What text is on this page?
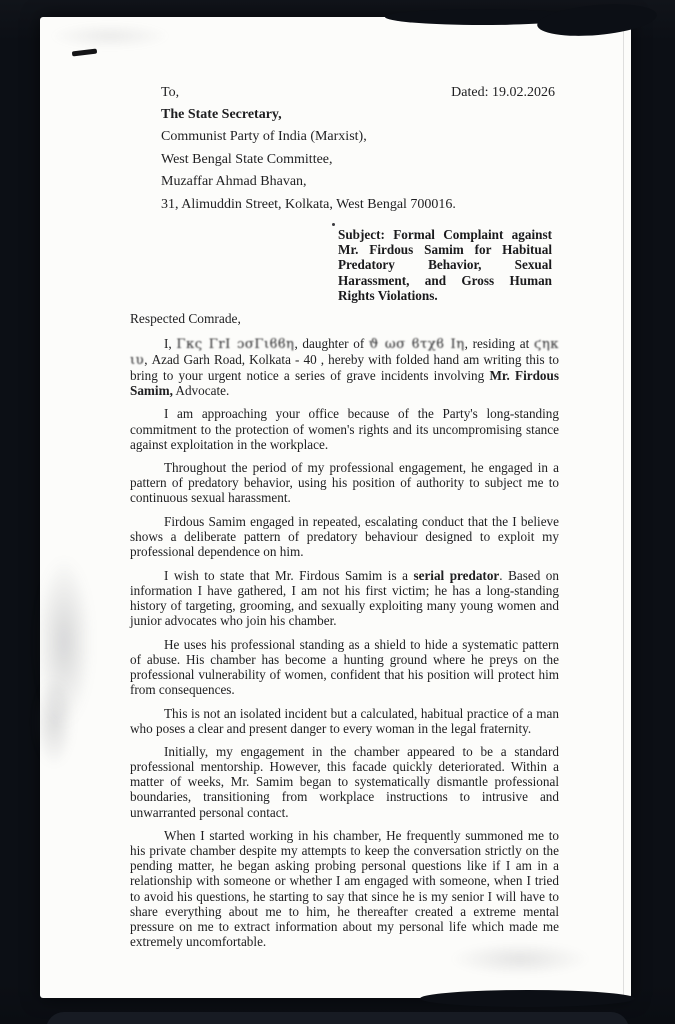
To,	Dated: 19.02.2026
The State Secretary,
Communist Party of India (Marxist),
West Bengal State Committee,
Muzaffar Ahmad Bhavan,
31, Alimuddin Street, Kolkata, West Bengal 700016.
Subject: Formal Complaint against Mr. Firdous Samim for Habitual Predatory Behavior, Sexual Harassment, and Gross Human Rights Violations.
Respected Comrade,

I, Γκς ΓrΙ ɔσΓιϐϐη, daughter of ϑ ωσ ϐτχϐ Ιη, residing at ϛηκ ιυ, Azad Garh Road, Kolkata - 40 , hereby with folded hand am writing this to bring to your urgent notice a series of grave incidents involving Mr. Firdous Samim, Advocate.

I am approaching your office because of the Party's long-standing commitment to the protection of women's rights and its uncompromising stance against exploitation in the workplace.

Throughout the period of my professional engagement, he engaged in a pattern of predatory behavior, using his position of authority to subject me to continuous sexual harassment.

Firdous Samim engaged in repeated, escalating conduct that the I believe shows a deliberate pattern of predatory behaviour designed to exploit my professional dependence on him.

I wish to state that Mr. Firdous Samim is a serial predator. Based on information I have gathered, I am not his first victim; he has a long-standing history of targeting, grooming, and sexually exploiting many young women and junior advocates who join his chamber.

He uses his professional standing as a shield to hide a systematic pattern of abuse. His chamber has become a hunting ground where he preys on the professional vulnerability of women, confident that his position will protect him from consequences.

This is not an isolated incident but a calculated, habitual practice of a man who poses a clear and present danger to every woman in the legal fraternity.

Initially, my engagement in the chamber appeared to be a standard professional mentorship. However, this facade quickly deteriorated. Within a matter of weeks, Mr. Samim began to systematically dismantle professional boundaries, transitioning from workplace instructions to intrusive and unwarranted personal contact.

When I started working in his chamber, He frequently summoned me to his private chamber despite my attempts to keep the conversation strictly on the pending matter, he began asking probing personal questions like if I am in a relationship with someone or whether I am engaged with someone, when I tried to avoid his questions, he starting to say that since he is my senior I will have to share everything about me to him, he thereafter created a extreme mental pressure on me to extract information about my personal life which made me extremely uncomfortable.
